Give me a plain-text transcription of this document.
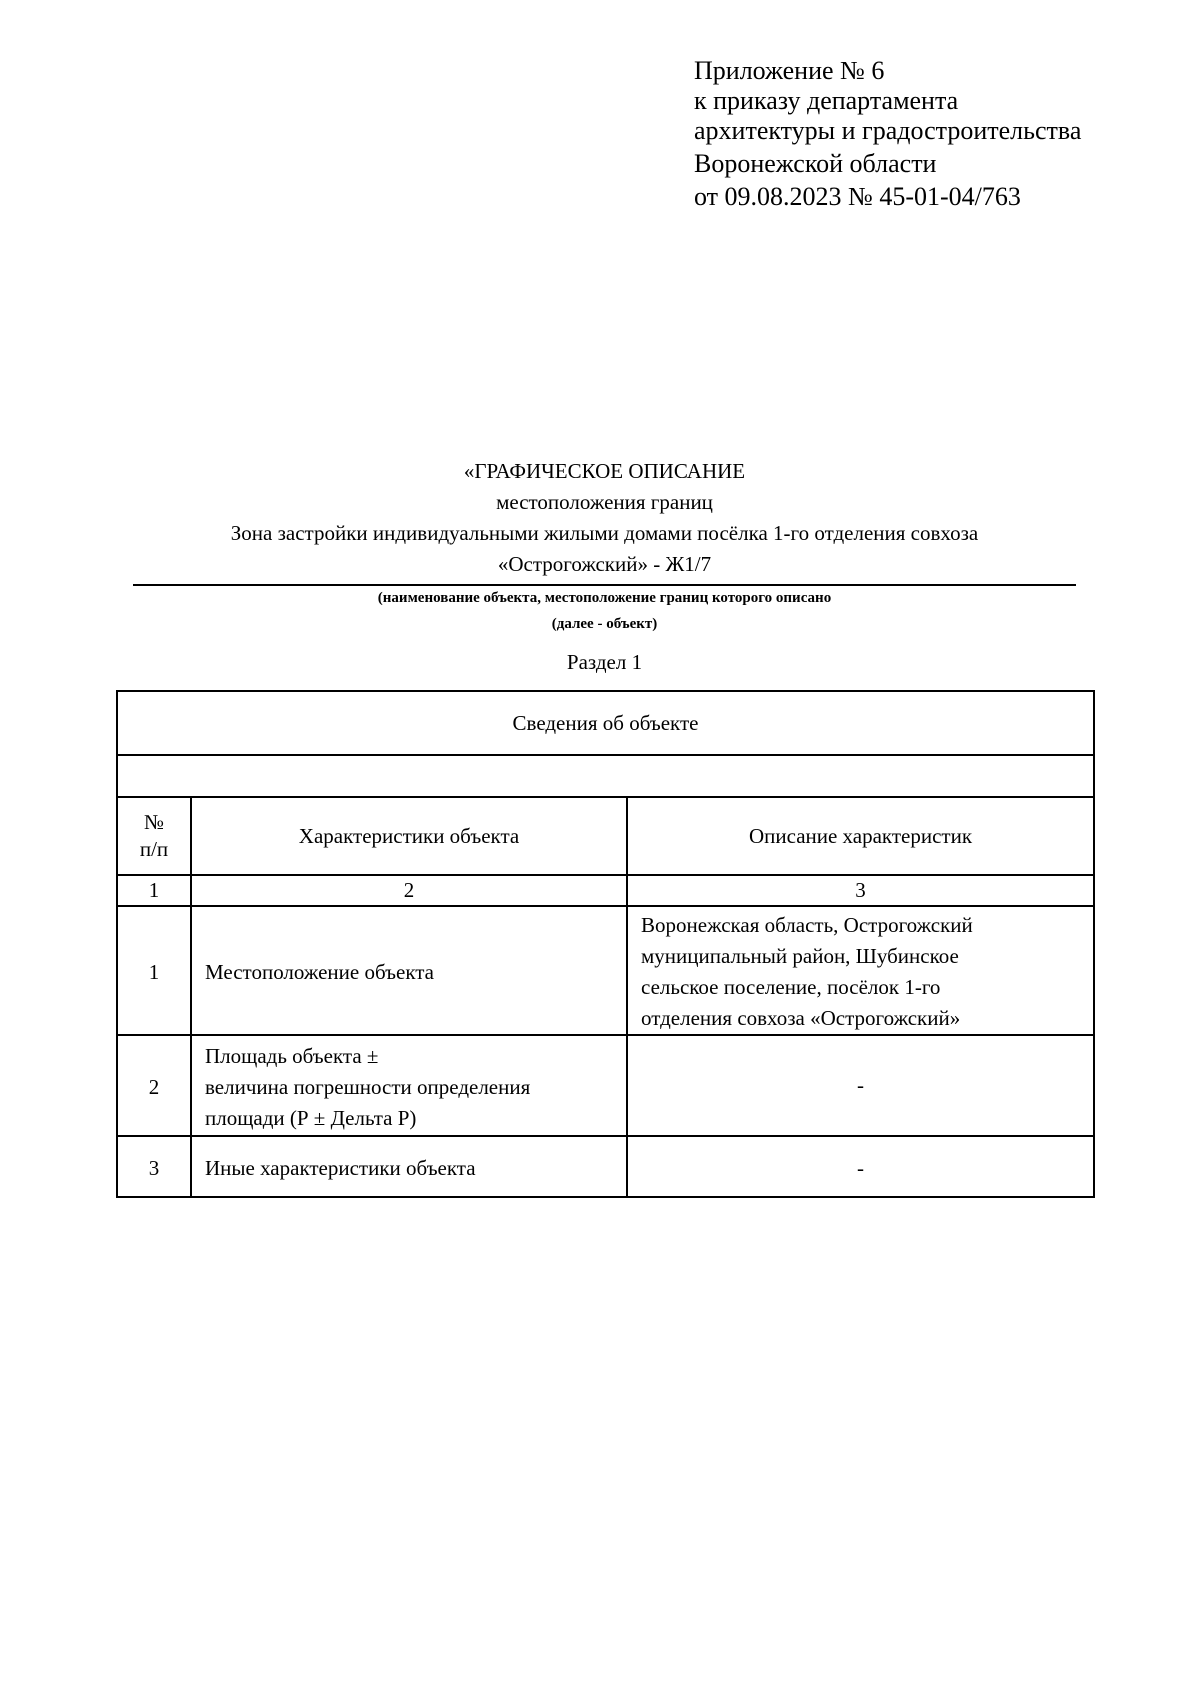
Приложение № 6
к приказу департамента
архитектуры и градостроительства
Воронежской области
от 09.08.2023 № 45-01-04/763
«ГРАФИЧЕСКОЕ ОПИСАНИЕ
местоположения границ
Зона застройки индивидуальными жилыми домами посёлка 1-го отделения совхоза
«Острогожский» - Ж1/7
(наименование объекта, местоположение границ которого описано
(далее - объект)
Раздел 1
Сведения об объекте		

№
п/п	Характеристики объекта	Описание характеристик
1	2	3
1	Местоположение объекта	Воронежская область, Острогожский
муниципальный район, Шубинское
сельское поселение, посёлок 1-го
отделения совхоза «Острогожский»

2	Площадь объекта ±
величина погрешности определения
площади (Р ± Дельта Р)	-
3	Иные характеристики объекта	-
